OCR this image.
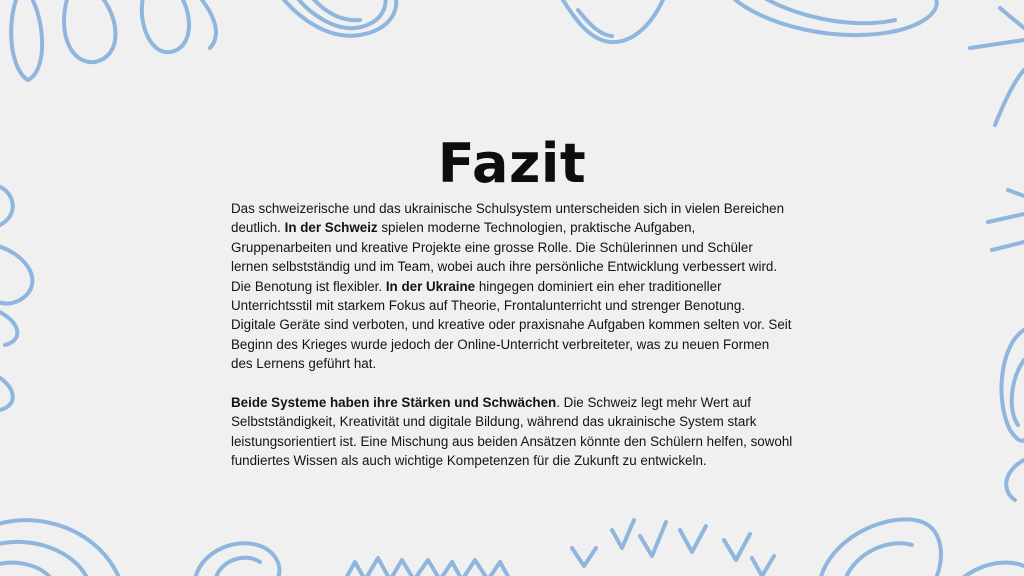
Fazit

Das schweizerische und das ukrainische Schulsystem unterscheiden sich in vielen Bereichen deutlich. In der Schweiz spielen moderne Technologien, praktische Aufgaben, Gruppenarbeiten und kreative Projekte eine grosse Rolle. Die Schülerinnen und Schüler lernen selbstständig und im Team, wobei auch ihre persönliche Entwicklung verbessert wird. Die Benotung ist flexibler. In der Ukraine hingegen dominiert ein eher traditioneller Unterrichtsstil mit starkem Fokus auf Theorie, Frontalunterricht und strenger Benotung. Digitale Geräte sind verboten, und kreative oder praxisnahe Aufgaben kommen selten vor. Seit Beginn des Krieges wurde jedoch der Online-Unterricht verbreiteter, was zu neuen Formen des Lernens geführt hat.

Beide Systeme haben ihre Stärken und Schwächen. Die Schweiz legt mehr Wert auf Selbstständigkeit, Kreativität und digitale Bildung, während das ukrainische System stark leistungsorientiert ist. Eine Mischung aus beiden Ansätzen könnte den Schülern helfen, sowohl fundiertes Wissen als auch wichtige Kompetenzen für die Zukunft zu entwickeln.
